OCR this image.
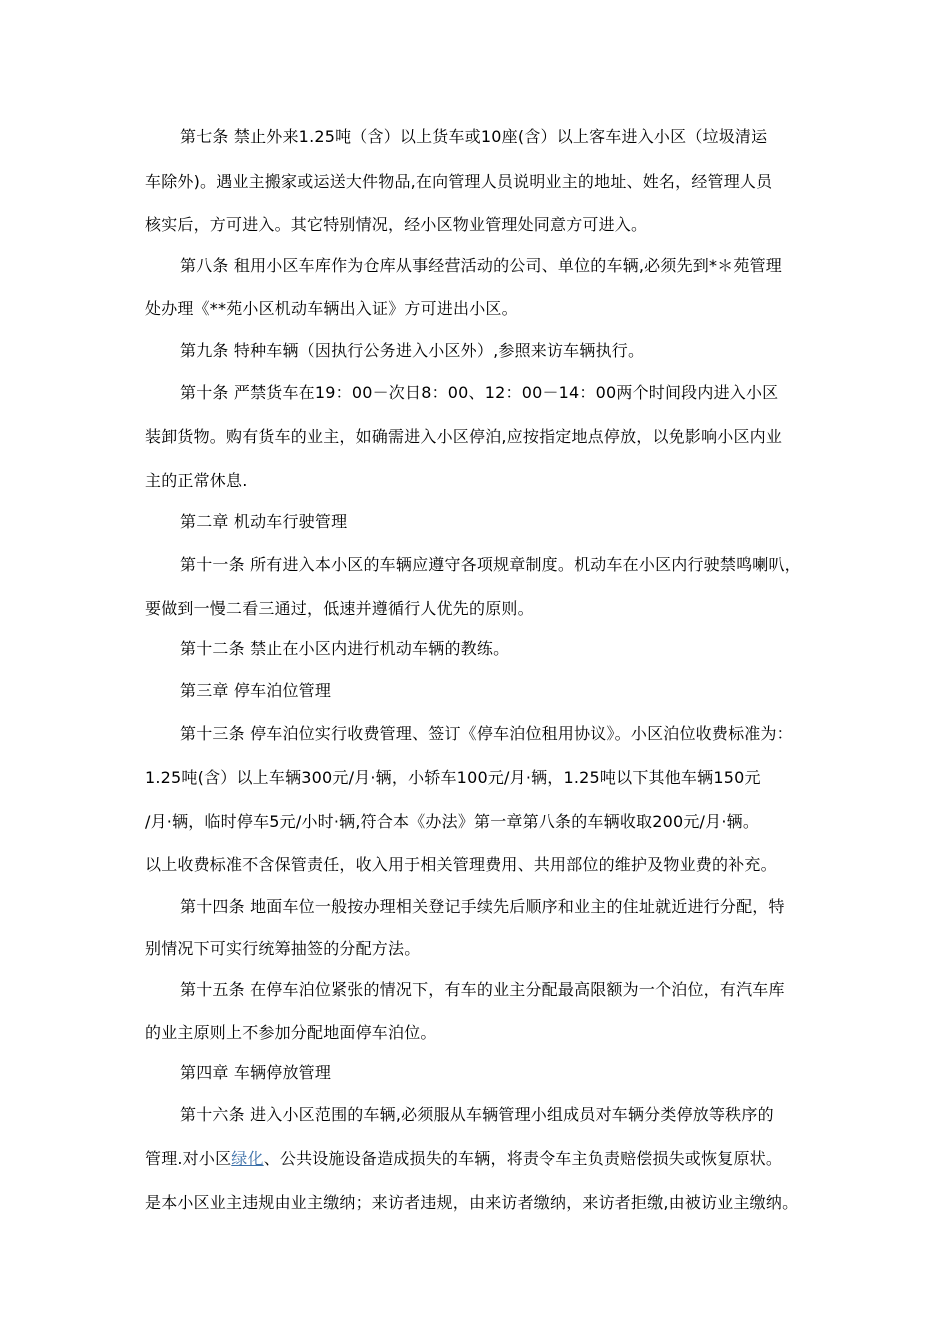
第七条 禁止外来1.25吨（含）以上货车或10座(含）以上客车进入小区（垃圾清运
车除外)。遇业主搬家或运送大件物品,在向管理人员说明业主的地址、姓名，经管理人员
核实后，方可进入。其它特别情况，经小区物业管理处同意方可进入。
第八条 租用小区车库作为仓库从事经营活动的公司、单位的车辆,必须先到*＊苑管理
处办理《**苑小区机动车辆出入证》方可进出小区。
第九条 特种车辆（因执行公务进入小区外）,参照来访车辆执行。
第十条 严禁货车在19：00－次日8：00、12：00－14：00两个时间段内进入小区
装卸货物。购有货车的业主，如确需进入小区停泊,应按指定地点停放，以免影响小区内业
主的正常休息.
第二章 机动车行驶管理
第十一条 所有进入本小区的车辆应遵守各项规章制度。机动车在小区内行驶禁鸣喇叭，
要做到一慢二看三通过，低速并遵循行人优先的原则。
第十二条 禁止在小区内进行机动车辆的教练。
第三章 停车泊位管理
第十三条 停车泊位实行收费管理、签订《停车泊位租用协议》。小区泊位收费标准为：
1.25吨(含）以上车辆300元/月·辆，小轿车100元/月·辆，1.25吨以下其他车辆150元
/月·辆，临时停车5元/小时·辆,符合本《办法》第一章第八条的车辆收取200元/月·辆。
以上收费标准不含保管责任，收入用于相关管理费用、共用部位的维护及物业费的补充。
第十四条 地面车位一般按办理相关登记手续先后顺序和业主的住址就近进行分配，特
别情况下可实行统筹抽签的分配方法。
第十五条 在停车泊位紧张的情况下，有车的业主分配最高限额为一个泊位，有汽车库
的业主原则上不参加分配地面停车泊位。
第四章 车辆停放管理
第十六条 进入小区范围的车辆,必须服从车辆管理小组成员对车辆分类停放等秩序的
管理.对小区绿化、公共设施设备造成损失的车辆，将责令车主负责赔偿损失或恢复原状。
是本小区业主违规由业主缴纳；来访者违规，由来访者缴纳，来访者拒缴,由被访业主缴纳。
